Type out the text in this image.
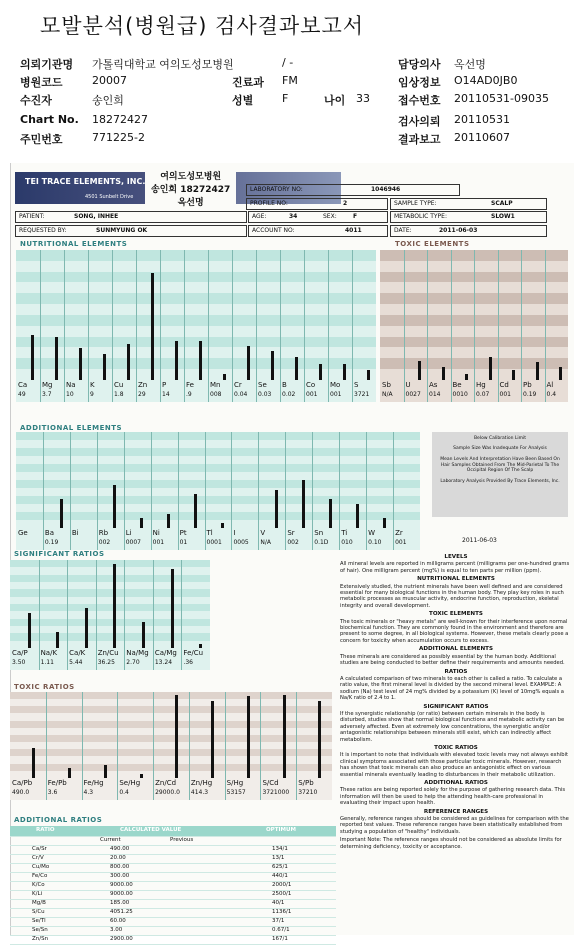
모발분석(병원급) 검사결과보고서
의뢰기관명 가톨릭대학교 여의도성모병원
병원코드	20007
수진자	송인희
Chart No. 18272427
주민번호	771225-2
/ -
진료과 FM
성별	F	나이 33
담당의사 옥선명
임상정보 O14AD0JB0
접수번호 20110531-09035
검사의뢰 20110531
결과보고 20110607
TEI TRACE ELEMENTS, INC.
4501 Sunbelt Drive
여의도성모병원
송인희 18272427
옥선명
LABORATORY NO:	1046946
PROFILE NO:	2	SAMPLE TYPE:	SCALP
PATIENT:	SONG, INHEE	AGE:	34	SEX:	F	METABOLIC TYPE:	SLOW1
REQUESTED BY:	SUNMYUNG OK	ACCOUNT NO:	4011	DATE:	2011-06-03
NUTRITIONAL ELEMENTS
Ca
49
Mg
3.7
Na
10
K
9
Cu
1.8
Zn
29
P
14
Fe
.9
Mn
008
Cr
0.04
Se
0.03
B
0.02
Co
001
Mo
001
S
3721
TOXIC ELEMENTS
Sb
N/A
U
0027
As
014
Be
0010
Hg
0.07
Cd
001
Pb
0.19
Al
0.4
ADDITIONAL ELEMENTS
Ge Ba
0.19
Bi	Rb
002
Li
0007
Ni
001
Pt
01
Tl
0001
I
0005
V
N/A
Sr
002
Sn
0.1D
Ti
010
W
0.10
Zr
001
Below Calibration Limit
Sample Size Was Inadequate For Analysis
Mean Levels And Interpretation Have Been Based On Hair Samples Obtained From The Mid-Parietal To The Occipital Region Of The Scalp
Laboratory Analysis Provided By Trace Elements, Inc.
2011-06-03
SIGNIFICANT RATIOS
Ca/P
3.50
Na/K
1.11
Ca/K
5.44
Zn/Cu
36.25
Na/Mg
2.70
Ca/Mg
13.24
Fe/Cu
.36
TOXIC RATIOS
Ca/Pb
490.0
Fe/Pb
3.6
Fe/Hg
4.3
Se/Hg
0.4
Zn/Cd
29000.0
Zn/Hg
414.3
S/Hg
53157
S/Cd
3721000
S/Pb
37210
ADDITIONAL RATIOS
RATIO	CALCULATED VALUE	OPTIMUM
Current	Previous
Ca/Sr	490.00	134/1
Cr/V	20.00	13/1
Cu/Mo	800.00	625/1
Fe/Co	300.00	440/1
K/Co	9000.00	2000/1
K/Li	9000.00	2500/1
Mg/B	185.00	40/1
S/Cu	4051.25	1136/1
Se/Tl	60.00	37/1
Se/Sn	3.00	0.67/1
Zn/Sn	2900.00	167/1
LEVELS

All mineral levels are reported in milligrams percent (milligrams per one-hundred grams of hair). One milligram percent (mg%) is equal to ten parts per million (ppm).

NUTRITIONAL ELEMENTS

Extensively studied, the nutrient minerals have been well defined and are considered essential for many biological functions in the human body. They play key roles in such metabolic processes as muscular activity, endocrine function, reproduction, skeletal integrity and overall development.

TOXIC ELEMENTS

The toxic minerals or "heavy metals" are well-known for their interference upon normal biochemical function. They are commonly found in the environment and therefore are present to some degree, in all biological systems. However, these metals clearly pose a concern for toxicity when accumulation occurs to excess.

ADDITIONAL ELEMENTS

These minerals are considered as possibly essential by the human body. Additional studies are being conducted to better define their requirements and amounts needed.

RATIOS

A calculated comparison of two minerals to each other is called a ratio. To calculate a ratio value, the first mineral level is divided by the second mineral level. EXAMPLE: A sodium (Na) test level of 24 mg% divided by a potassium (K) level of 10mg% equals a Na/K ratio of 2.4 to 1.

SIGNIFICANT RATIOS

If the synergistic relationship (or ratio) between certain minerals in the body is disturbed, studies show that normal biological functions and metabolic activity can be adversely affected. Even at extremely low concentrations, the synergistic and/or antagonistic relationships between minerals still exist, which can indirectly affect metabolism.

TOXIC RATIOS

It is important to note that individuals with elevated toxic levels may not always exhibit clinical symptoms associated with those particular toxic minerals. However, research has shown that toxic minerals can also produce an antagonistic effect on various essential minerals eventually leading to disturbances in their metabolic utilization.

ADDITIONAL RATIOS

These ratios are being reported solely for the purpose of gathering research data. This information will then be used to help the attending health-care professional in evaluating their impact upon health.

REFERENCE RANGES

Generally, reference ranges should be considered as guidelines for comparison with the reported test values. These reference ranges have been statistically established from studying a population of "healthy" individuals.

Important Note: The reference ranges should not be considered as absolute limits for determining deficiency, toxicity or acceptance.
